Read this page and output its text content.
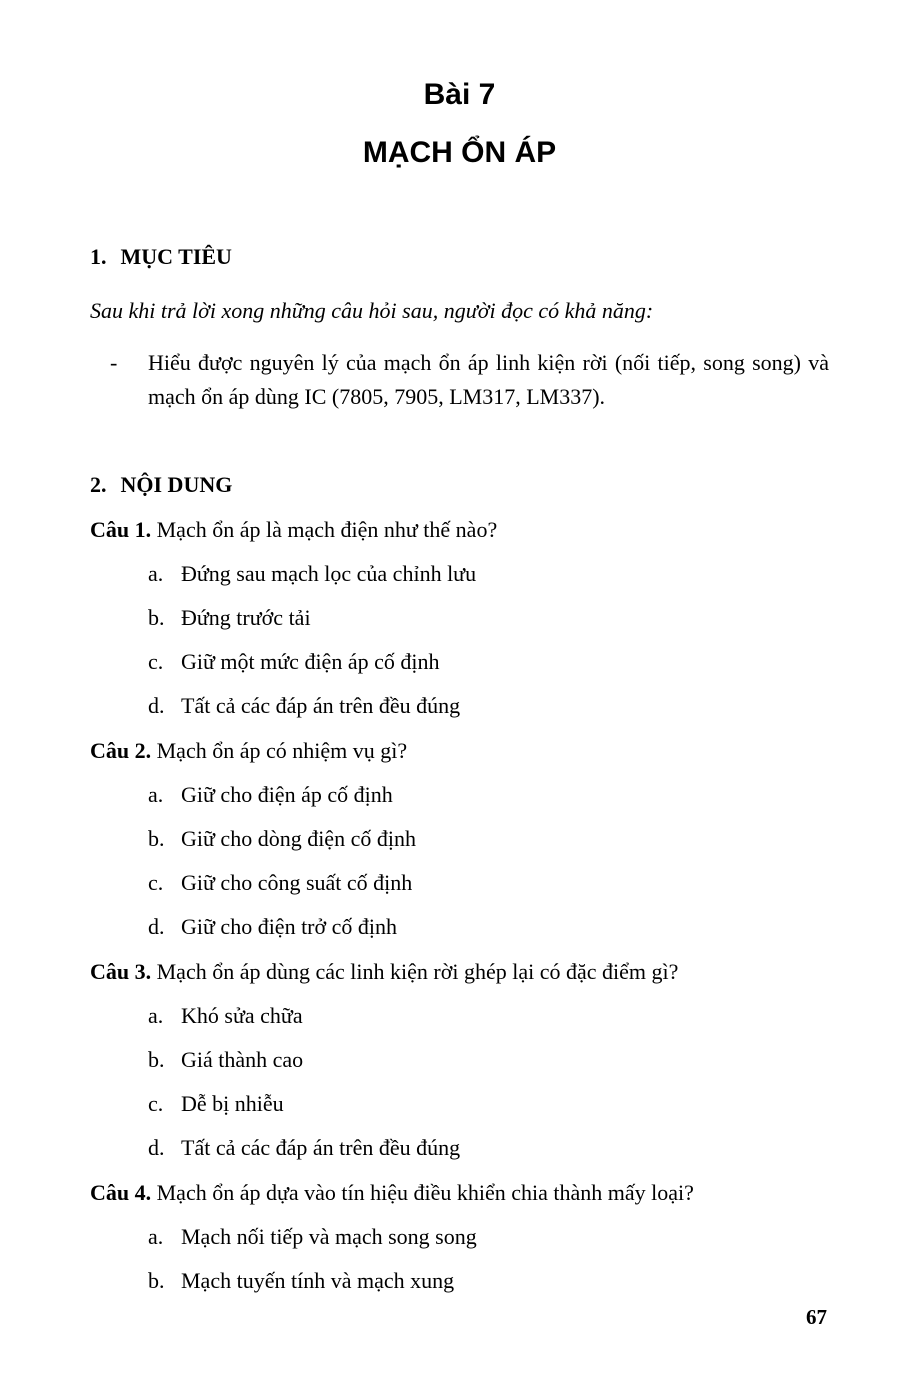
Bài 7
MẠCH ỔN ÁP
1. MỤC TIÊU
Sau khi trả lời xong những câu hỏi sau, người đọc có khả năng:
-	Hiểu được nguyên lý của mạch ổn áp linh kiện rời (nối tiếp, song song) và mạch ổn áp dùng IC (7805, 7905, LM317, LM337).
2. NỘI DUNG
Câu 1. Mạch ổn áp là mạch điện như thế nào?
a. Đứng sau mạch lọc của chỉnh lưu
b. Đứng trước tải
c. Giữ một mức điện áp cố định
d. Tất cả các đáp án trên đều đúng
Câu 2. Mạch ổn áp có nhiệm vụ gì?
a. Giữ cho điện áp cố định
b. Giữ cho dòng điện cố định
c. Giữ cho công suất cố định
d. Giữ cho điện trở cố định
Câu 3. Mạch ổn áp dùng các linh kiện rời ghép lại có đặc điểm gì?
a. Khó sửa chữa
b. Giá thành cao
c. Dễ bị nhiễu
d. Tất cả các đáp án trên đều đúng
Câu 4. Mạch ổn áp dựa vào tín hiệu điều khiển chia thành mấy loại?
a. Mạch nối tiếp và mạch song song
b. Mạch tuyến tính và mạch xung
67
